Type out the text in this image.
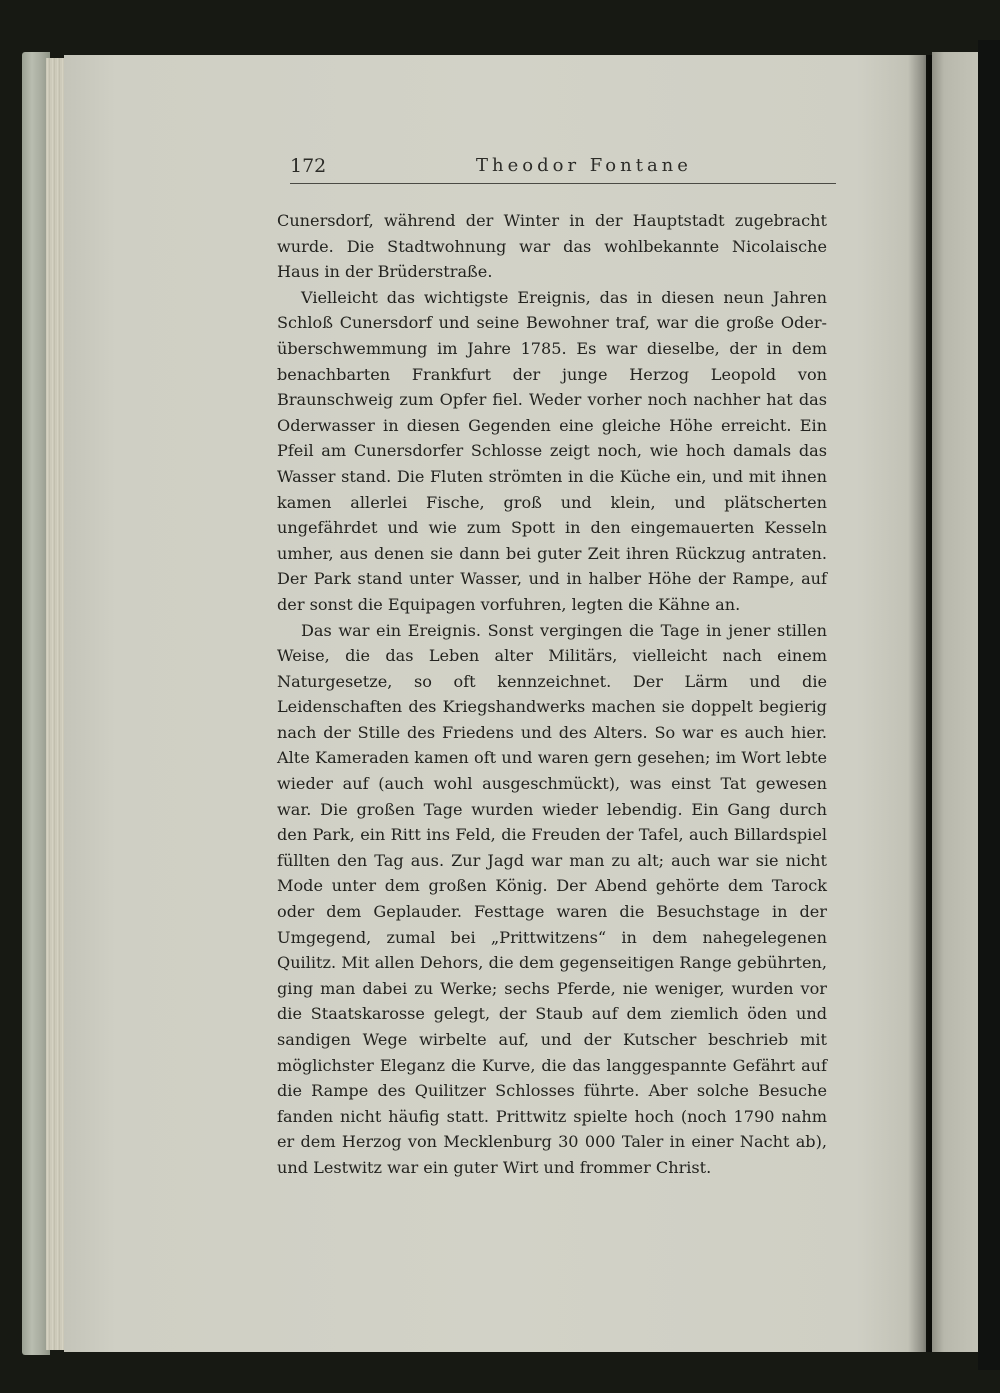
172	Theodor Fontane

Cunersdorf, während der Winter in der Hauptstadt zugebracht wurde. Die Stadtwohnung war das wohlbekannte Nicolaische Haus in der Brüderstraße.

Vielleicht das wichtigste Ereignis, das in diesen neun Jahren Schloß Cunersdorf und seine Bewohner traf, war die große Oder-überschwemmung im Jahre 1785. Es war dieselbe, der in dem benachbarten Frankfurt der junge Herzog Leopold von Braunschweig zum Opfer fiel. Weder vorher noch nachher hat das Oderwasser in diesen Gegenden eine gleiche Höhe erreicht. Ein Pfeil am Cunersdorfer Schlosse zeigt noch, wie hoch damals das Wasser stand. Die Fluten strömten in die Küche ein, und mit ihnen kamen allerlei Fische, groß und klein, und plätscherten ungefährdet und wie zum Spott in den eingemauerten Kesseln umher, aus denen sie dann bei guter Zeit ihren Rückzug antraten. Der Park stand unter Wasser, und in halber Höhe der Rampe, auf der sonst die Equipagen vorfuhren, legten die Kähne an.

Das war ein Ereignis. Sonst vergingen die Tage in jener stillen Weise, die das Leben alter Militärs, vielleicht nach einem Naturgesetze, so oft kennzeichnet. Der Lärm und die Leidenschaften des Kriegshandwerks machen sie doppelt begierig nach der Stille des Friedens und des Alters. So war es auch hier. Alte Kameraden kamen oft und waren gern gesehen; im Wort lebte wieder auf (auch wohl ausgeschmückt), was einst Tat gewesen war. Die großen Tage wurden wieder lebendig. Ein Gang durch den Park, ein Ritt ins Feld, die Freuden der Tafel, auch Billardspiel füllten den Tag aus. Zur Jagd war man zu alt; auch war sie nicht Mode unter dem großen König. Der Abend gehörte dem Tarock oder dem Geplauder. Festtage waren die Besuchstage in der Umgegend, zumal bei „Prittwitzens“ in dem nahegelegenen Quilitz. Mit allen Dehors, die dem gegenseitigen Range gebührten, ging man dabei zu Werke; sechs Pferde, nie weniger, wurden vor die Staatskarosse gelegt, der Staub auf dem ziemlich öden und sandigen Wege wirbelte auf, und der Kutscher beschrieb mit möglichster Eleganz die Kurve, die das langgespannte Gefährt auf die Rampe des Quilitzer Schlosses führte. Aber solche Besuche fanden nicht häufig statt. Prittwitz spielte hoch (noch 1790 nahm er dem Herzog von Mecklenburg 30 000 Taler in einer Nacht ab), und Lestwitz war ein guter Wirt und frommer Christ.
